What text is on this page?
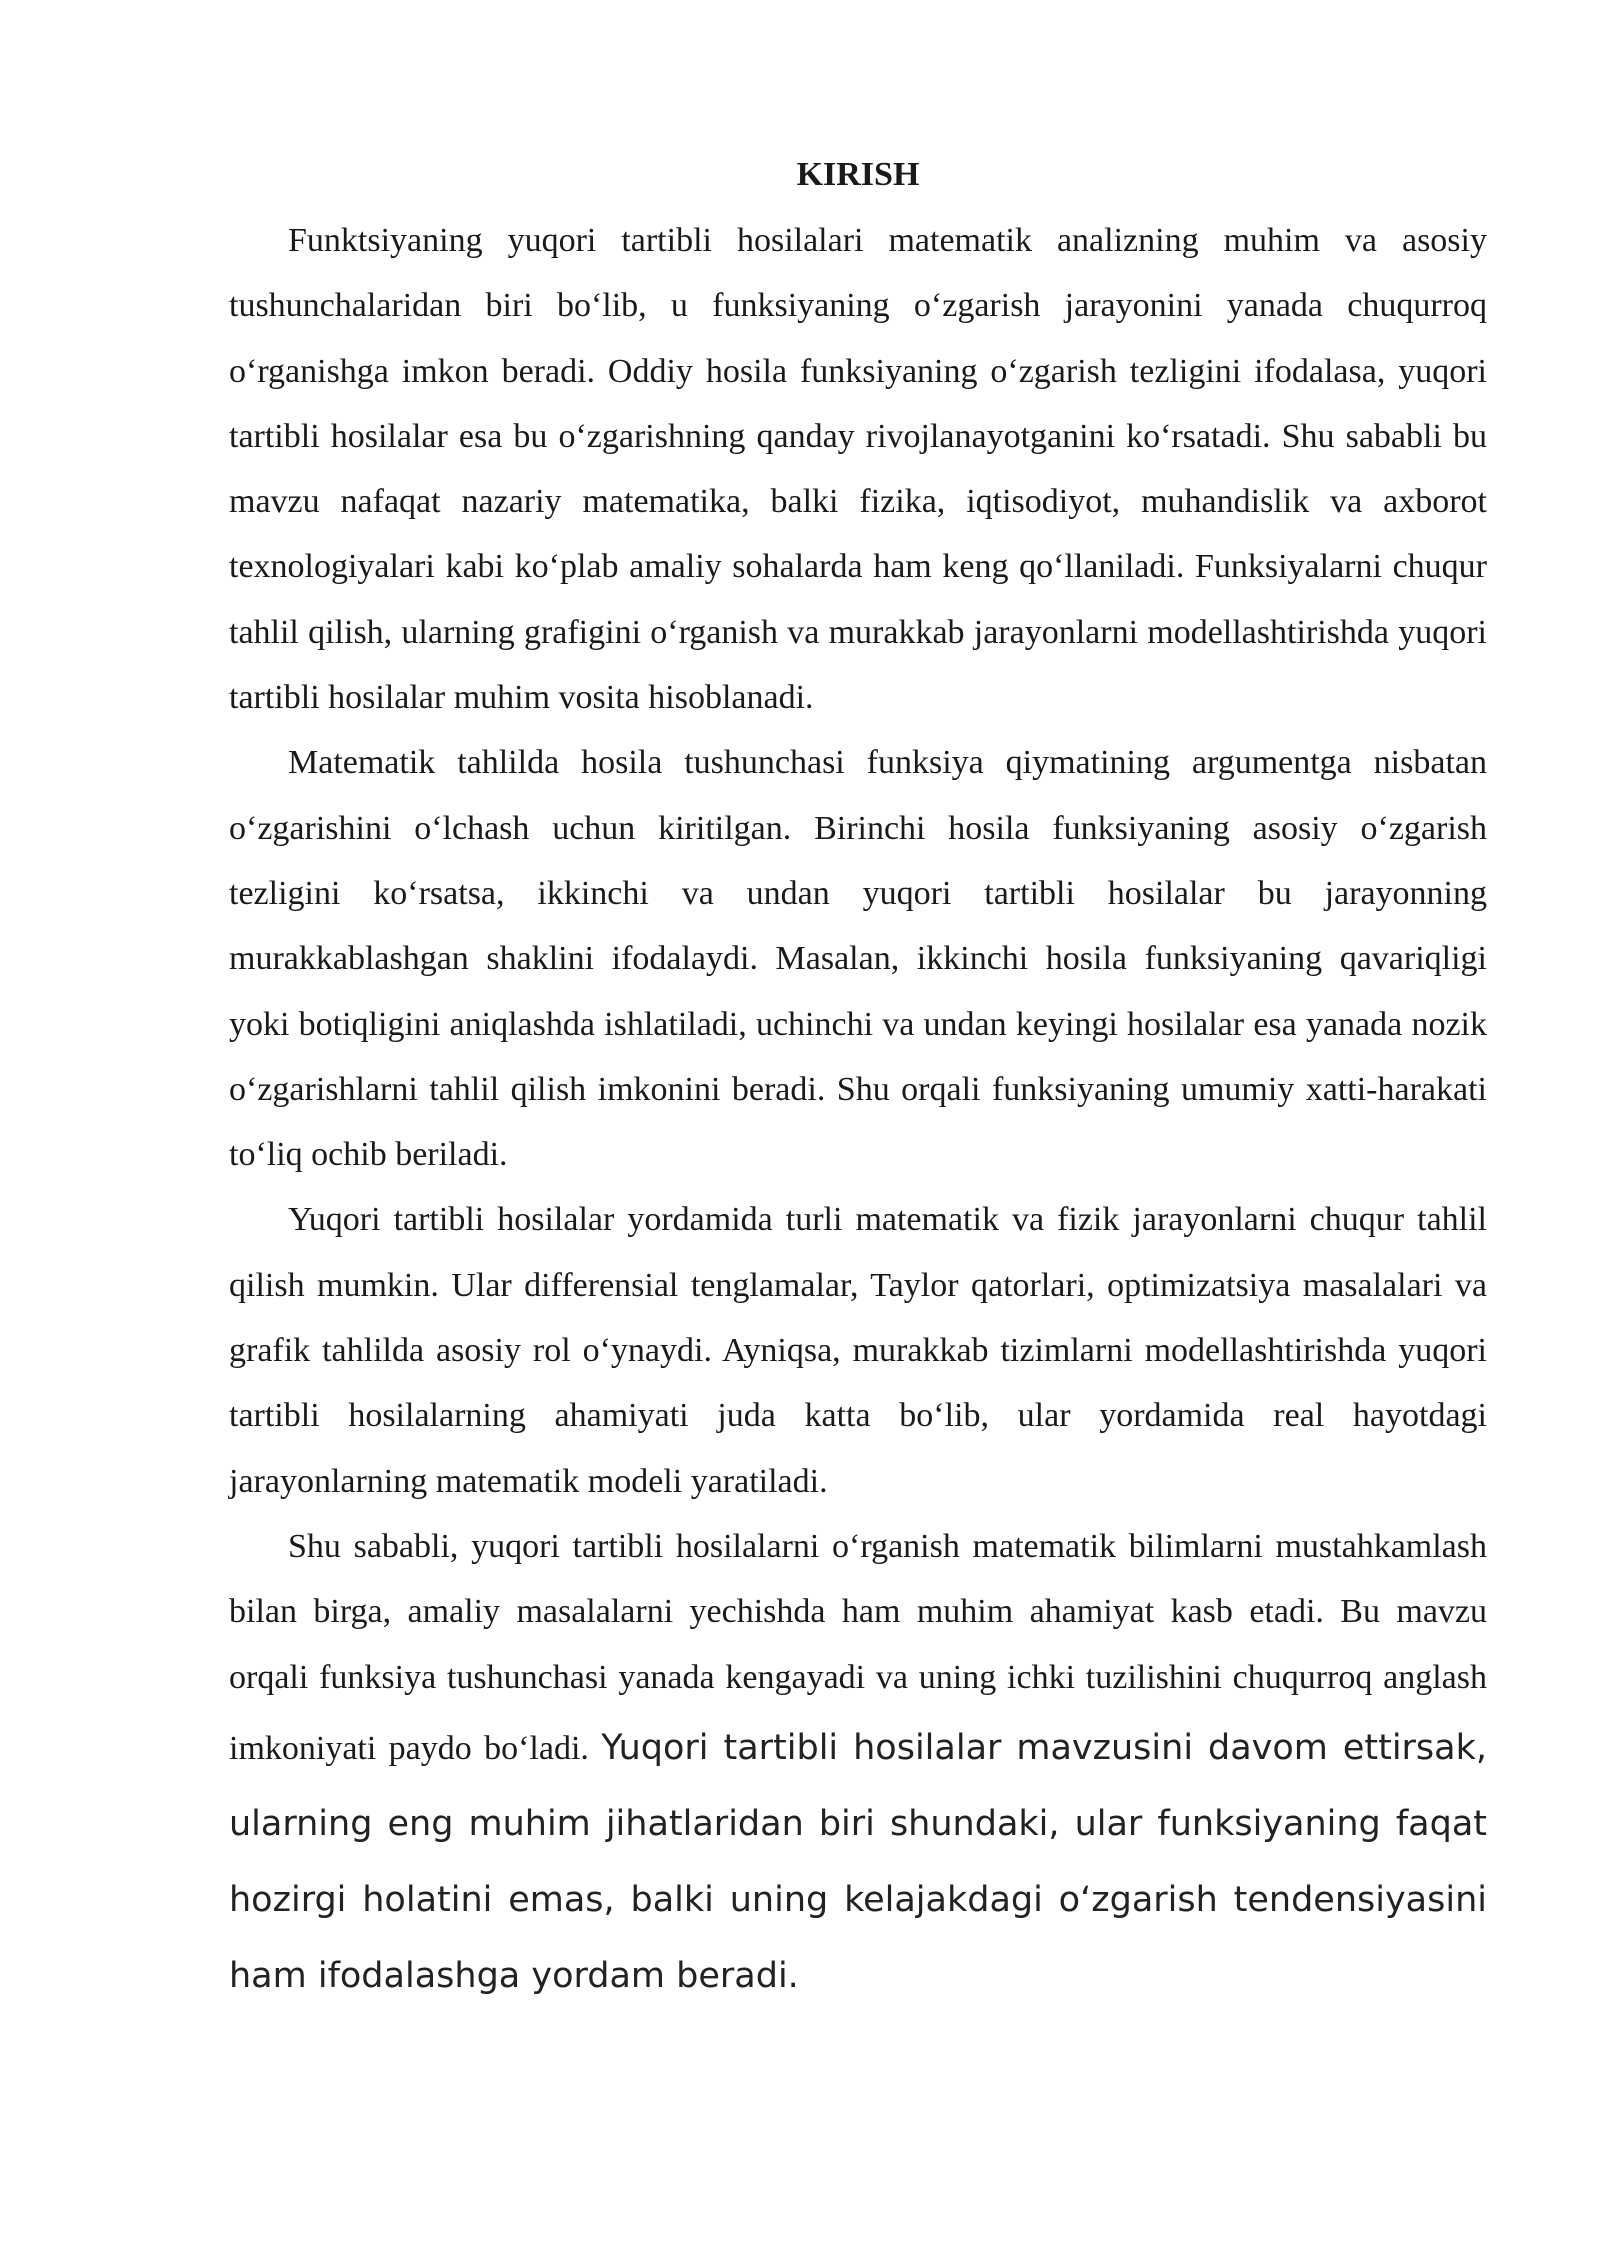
KIRISH

Funktsiyaning yuqori tartibli hosilalari matematik analizning muhim va asosiy tushunchalaridan biri bo‘lib, u funksiyaning o‘zgarish jarayonini yanada chuqurroq o‘rganishga imkon beradi. Oddiy hosila funksiyaning o‘zgarish tezligini ifodalasa, yuqori tartibli hosilalar esa bu o‘zgarishning qanday rivojlanayotganini ko‘rsatadi. Shu sababli bu mavzu nafaqat nazariy matematika, balki fizika, iqtisodiyot, muhandislik va axborot texnologiyalari kabi ko‘plab amaliy sohalarda ham keng qo‘llaniladi. Funksiyalarni chuqur tahlil qilish, ularning grafigini o‘rganish va murakkab jarayonlarni modellashtirishda yuqori tartibli hosilalar muhim vosita hisoblanadi.

Matematik tahlilda hosila tushunchasi funksiya qiymatining argumentga nisbatan o‘zgarishini o‘lchash uchun kiritilgan. Birinchi hosila funksiyaning asosiy o‘zgarish tezligini ko‘rsatsa, ikkinchi va undan yuqori tartibli hosilalar bu jarayonning murakkablashgan shaklini ifodalaydi. Masalan, ikkinchi hosila funksiyaning qavariqligi yoki botiqligini aniqlashda ishlatiladi, uchinchi va undan keyingi hosilalar esa yanada nozik o‘zgarishlarni tahlil qilish imkonini beradi. Shu orqali funksiyaning umumiy xatti-harakati to‘liq ochib beriladi.

Yuqori tartibli hosilalar yordamida turli matematik va fizik jarayonlarni chuqur tahlil qilish mumkin. Ular differensial tenglamalar, Taylor qatorlari, optimizatsiya masalalari va grafik tahlilda asosiy rol o‘ynaydi. Ayniqsa, murakkab tizimlarni modellashtirishda yuqori tartibli hosilalarning ahamiyati juda katta bo‘lib, ular yordamida real hayotdagi jarayonlarning matematik modeli yaratiladi.

Shu sababli, yuqori tartibli hosilalarni o‘rganish matematik bilimlarni mustahkamlash bilan birga, amaliy masalalarni yechishda ham muhim ahamiyat kasb etadi. Bu mavzu orqali funksiya tushunchasi yanada kengayadi va uning ichki tuzilishini chuqurroq anglash imkoniyati paydo bo‘ladi. Yuqori tartibli hosilalar mavzusini davom ettirsak, ularning eng muhim jihatlaridan biri shundaki, ular funksiyaning faqat hozirgi holatini emas, balki uning kelajakdagi o‘zgarish tendensiyasini ham ifodalashga yordam beradi.
